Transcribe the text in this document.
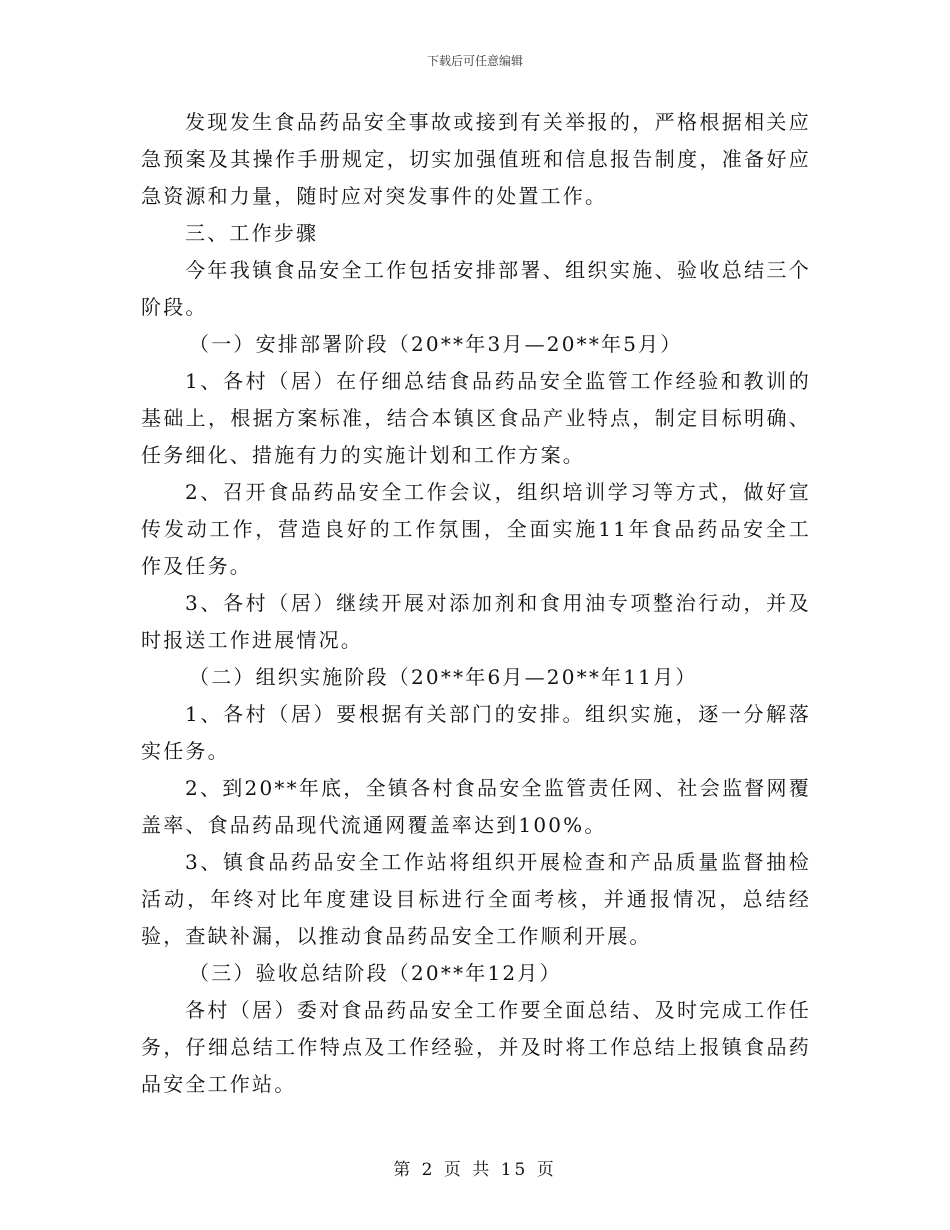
下载后可任意编辑

发现发生食品药品安全事故或接到有关举报的，严格根据相关应急预案及其操作手册规定，切实加强值班和信息报告制度，准备好应急资源和力量，随时应对突发事件的处置工作。

三、工作步骤

今年我镇食品安全工作包括安排部署、组织实施、验收总结三个阶段。

（一）安排部署阶段（20**年3月—20**年5月）

1、各村（居）在仔细总结食品药品安全监管工作经验和教训的基础上，根据方案标准，结合本镇区食品产业特点，制定目标明确、任务细化、措施有力的实施计划和工作方案。

2、召开食品药品安全工作会议，组织培训学习等方式，做好宣传发动工作，营造良好的工作氛围，全面实施11年食品药品安全工作及任务。

3、各村（居）继续开展对添加剂和食用油专项整治行动，并及时报送工作进展情况。

（二）组织实施阶段（20**年6月—20**年11月）

1、各村（居）要根据有关部门的安排。组织实施，逐一分解落实任务。

2、到20**年底，全镇各村食品安全监管责任网、社会监督网覆盖率、食品药品现代流通网覆盖率达到100%。

3、镇食品药品安全工作站将组织开展检查和产品质量监督抽检活动，年终对比年度建设目标进行全面考核，并通报情况，总结经验，查缺补漏，以推动食品药品安全工作顺利开展。

（三）验收总结阶段（20**年12月）

各村（居）委对食品药品安全工作要全面总结、及时完成工作任务，仔细总结工作特点及工作经验，并及时将工作总结上报镇食品药品安全工作站。

第 2 页 共 15 页
